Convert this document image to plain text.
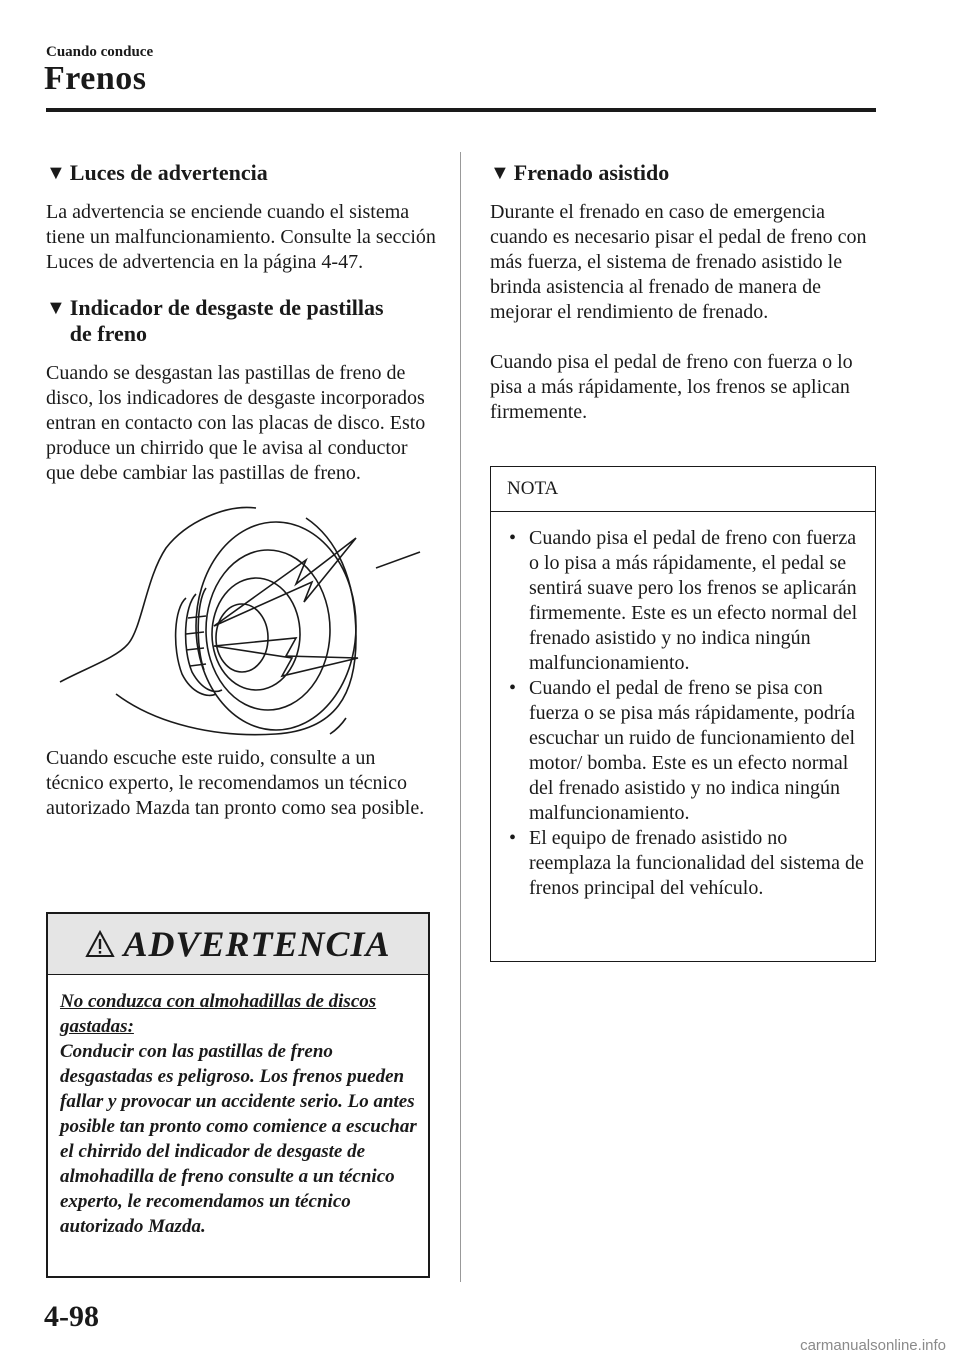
Cuando conduce
Frenos
▼ Luces de advertencia

La advertencia se enciende cuando el sistema tiene un malfuncionamiento. Consulte la sección Luces de advertencia en la página 4-47.

▼ Indicador de desgaste de pastillas
de freno

Cuando se desgastan las pastillas de freno de disco, los indicadores de desgaste incorporados entran en contacto con las placas de disco. Esto produce un chirrido que le avisa al conductor que debe cambiar las pastillas de freno.

Cuando escuche este ruido, consulte a un técnico experto, le recomendamos un técnico autorizado Mazda tan pronto como sea posible.

ADVERTENCIA
No conduzca con almohadillas de discos gastadas:
Conducir con las pastillas de freno desgastadas es peligroso. Los frenos pueden fallar y provocar un accidente serio. Lo antes posible tan pronto como comience a escuchar el chirrido del indicador de desgaste de almohadilla de freno consulte a un técnico experto, le recomendamos un técnico autorizado Mazda.
▼ Frenado asistido

Durante el frenado en caso de emergencia cuando es necesario pisar el pedal de freno con más fuerza, el sistema de frenado asistido le brinda asistencia al frenado de manera de mejorar el rendimiento de frenado.

Cuando pisa el pedal de freno con fuerza o lo pisa a más rápidamente, los frenos se aplican firmemente.

NOTA
• Cuando pisa el pedal de freno con fuerza o lo pisa a más rápidamente, el pedal se sentirá suave pero los frenos se aplicarán firmemente. Este es un efecto normal del frenado asistido y no indica ningún malfuncionamiento.
• Cuando el pedal de freno se pisa con fuerza o se pisa más rápidamente, podría escuchar un ruido de funcionamiento del motor/ bomba. Este es un efecto normal del frenado asistido y no indica ningún malfuncionamiento.
• El equipo de frenado asistido no reemplaza la funcionalidad del sistema de frenos principal del vehículo.
4-98
carmanualsonline.info
